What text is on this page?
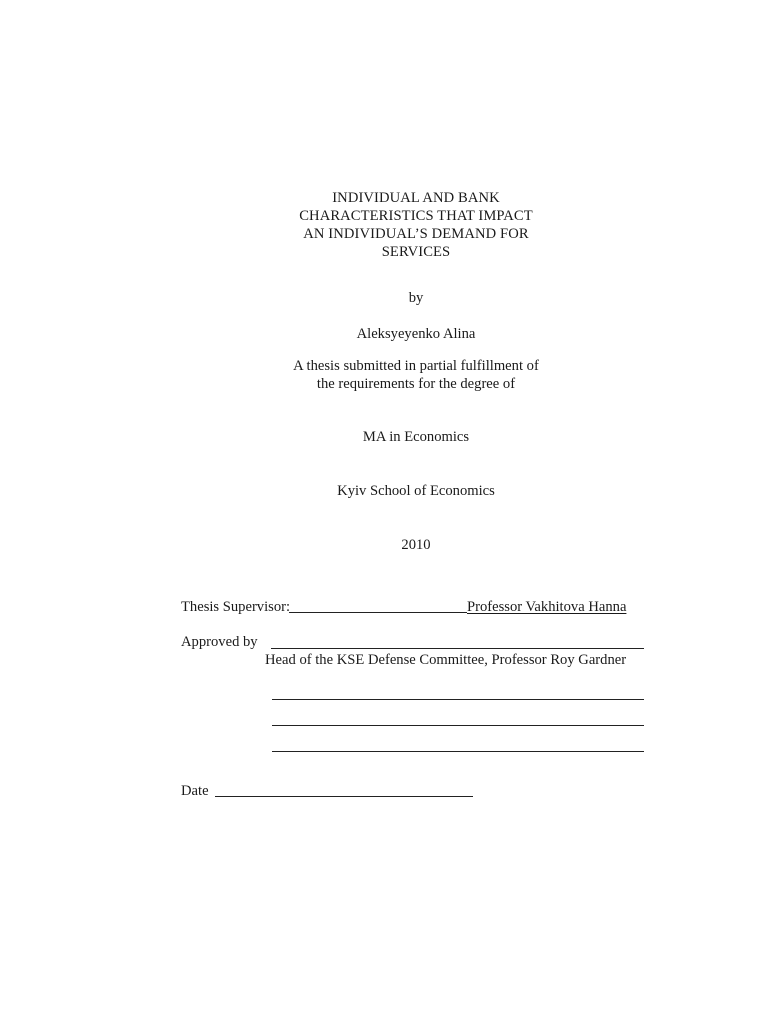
INDIVIDUAL AND BANK
CHARACTERISTICS THAT IMPACT
AN INDIVIDUAL’S DEMAND FOR
SERVICES
by
Aleksyeyenko Alina
A thesis submitted in partial fulfillment of
the requirements for the degree of
MA in Economics
Kyiv School of Economics
2010
Thesis Supervisor:	Professor Vakhitova Hanna
Approved by
Head of the KSE Defense Committee, Professor Roy Gardner
Date
